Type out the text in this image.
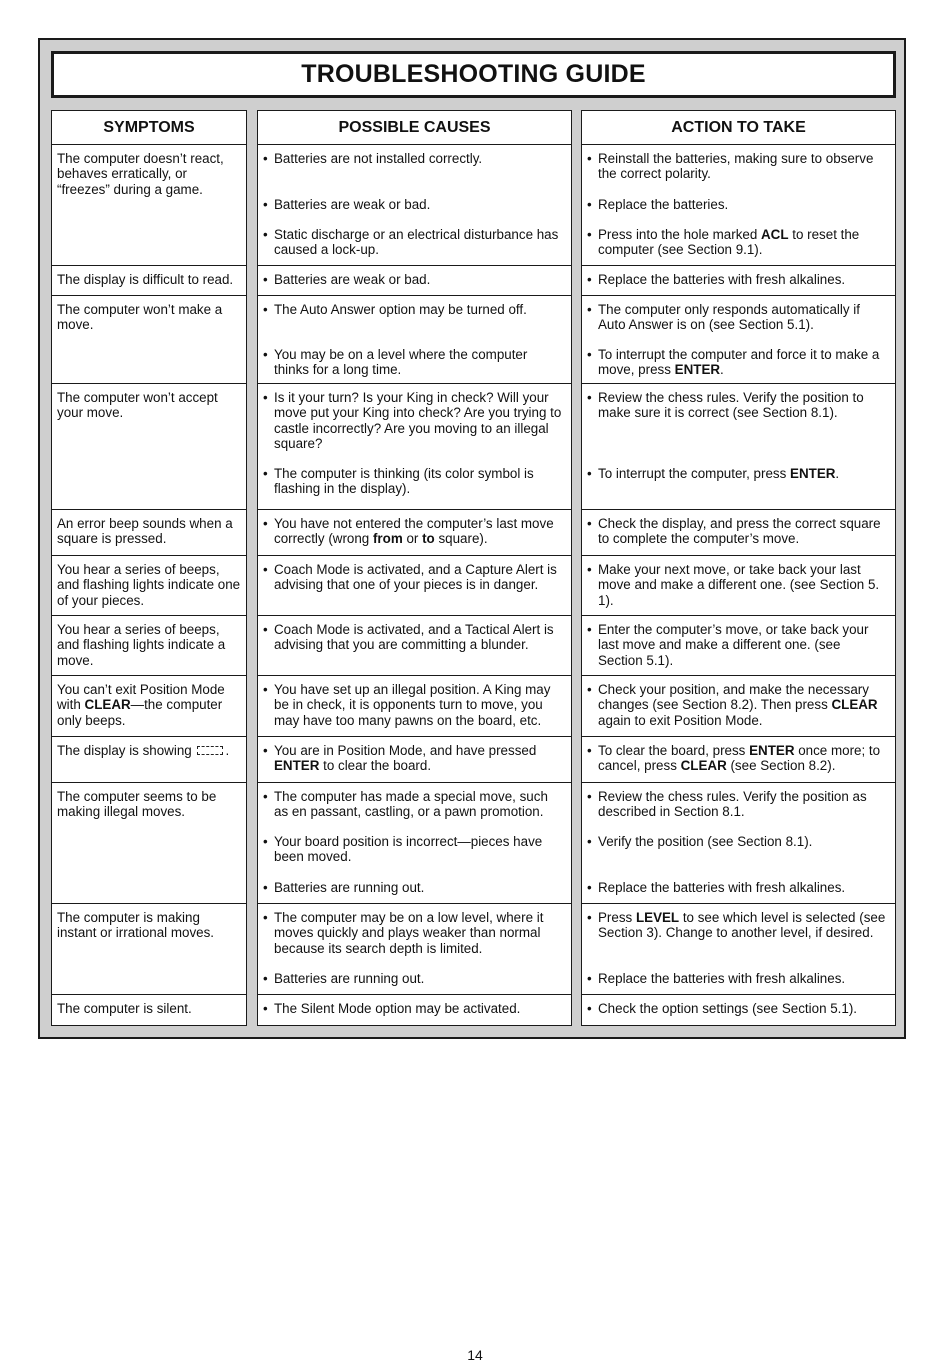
TROUBLESHOOTING GUIDE
SYMPTOMS
The computer doesn’t react, behaves erratically, or “freezes” during a game.
The display is difficult to read.
The computer won’t make a move.
The computer won’t accept your move.
An error beep sounds when a square is pressed.
You hear a series of beeps, and flashing lights indicate one of your pieces.
You hear a series of beeps, and flashing lights indicate a move.
You can’t exit Position Mode with CLEAR—the computer only beeps.
The display is showing .
The computer seems to be making illegal moves.
The computer is making instant or irrational moves.
The computer is silent.
POSSIBLE CAUSES
• Batteries are not installed correctly.
• Batteries are weak or bad.
• Static discharge or an electrical disturbance has caused a lock-up.
• Batteries are weak or bad.
• The Auto Answer option may be turned off.
• You may be on a level where the computer thinks for a long time.
• Is it your turn? Is your King in check? Will your move put your King into check? Are you trying to castle incorrectly? Are you moving to an illegal square?
• The computer is thinking (its color symbol is flashing in the display).
• You have not entered the computer’s last move correctly (wrong from or to square).
• Coach Mode is activated, and a Capture Alert is advising that one of your pieces is in danger.
• Coach Mode is activated, and a Tactical Alert is advising that you are committing a blunder.
• You have set up an illegal position. A King may be in check, it is opponents turn to move, you may have too many pawns on the board, etc.
• You are in Position Mode, and have pressed ENTER to clear the board.
• The computer has made a special move, such as en passant, castling, or a pawn promotion.
• Your board position is incorrect—pieces have been moved.
• Batteries are running out.
• The computer may be on a low level, where it moves quickly and plays weaker than normal because its search depth is limited.
• Batteries are running out.
• The Silent Mode option may be activated.
ACTION TO TAKE
• Reinstall the batteries, making sure to observe the correct polarity.
• Replace the batteries.
• Press into the hole marked ACL to reset the computer (see Section 9.1).
• Replace the batteries with fresh alkalines.
• The computer only responds automatically if Auto Answer is on (see Section 5.1).
• To interrupt the computer and force it to make a move, press ENTER.
• Review the chess rules. Verify the position to make sure it is correct (see Section 8.1).
• To interrupt the computer, press ENTER.
• Check the display, and press the correct square to complete the computer’s move.
• Make your next move, or take back your last move and make a different one. (see Section 5. 1).
• Enter the computer’s move, or take back your last move and make a different one. (see Section 5.1).
• Check your position, and make the necessary changes (see Section 8.2). Then press CLEAR again to exit Position Mode.
• To clear the board, press ENTER once more; to cancel, press CLEAR (see Section 8.2).
• Review the chess rules. Verify the position as described in Section 8.1.
• Verify the position (see Section 8.1).
• Replace the batteries with fresh alkalines.
• Press LEVEL to see which level is selected (see Section 3). Change to another level, if desired.
• Replace the batteries with fresh alkalines.
• Check the option settings (see Section 5.1).
14
